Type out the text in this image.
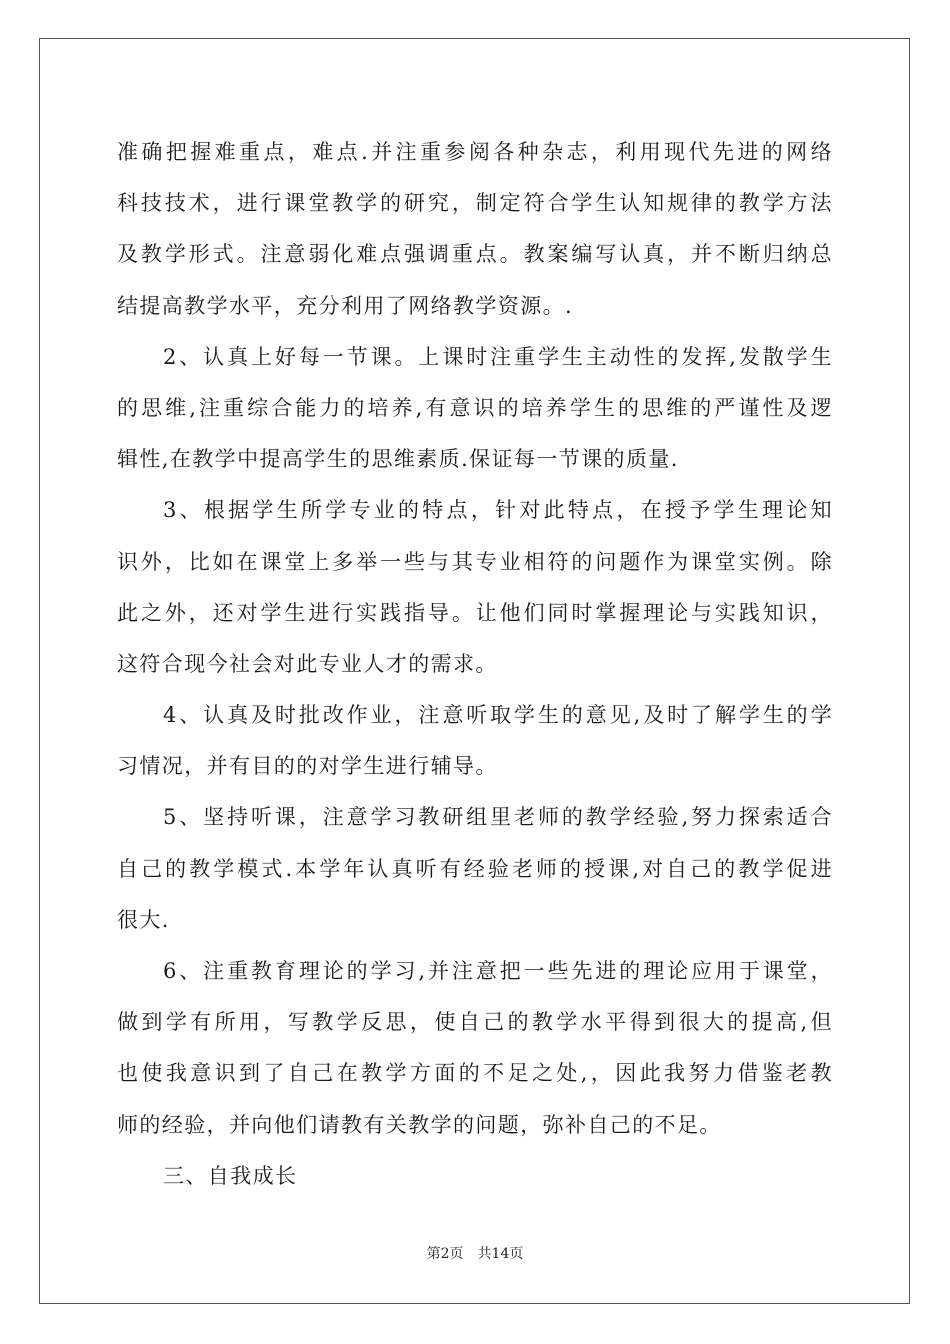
准确把握难重点，难点.并注重参阅各种杂志，利用现代先进的网络
科技技术，进行课堂教学的研究，制定符合学生认知规律的教学方法
及教学形式。注意弱化难点强调重点。教案编写认真，并不断归纳总
结提高教学水平，充分利用了网络教学资源。.
2、认真上好每一节课。上课时注重学生主动性的发挥,发散学生
的思维,注重综合能力的培养,有意识的培养学生的思维的严谨性及逻
辑性,在教学中提高学生的思维素质.保证每一节课的质量.
3、根据学生所学专业的特点，针对此特点，在授予学生理论知
识外，比如在课堂上多举一些与其专业相符的问题作为课堂实例。除
此之外，还对学生进行实践指导。让他们同时掌握理论与实践知识，
这符合现今社会对此专业人才的需求。
4、认真及时批改作业，注意听取学生的意见,及时了解学生的学
习情况，并有目的的对学生进行辅导。
5、坚持听课，注意学习教研组里老师的教学经验,努力探索适合
自己的教学模式.本学年认真听有经验老师的授课,对自己的教学促进
很大.
6、注重教育理论的学习,并注意把一些先进的理论应用于课堂，
做到学有所用，写教学反思，使自己的教学水平得到很大的提高,但
也使我意识到了自己在教学方面的不足之处,，因此我努力借鉴老教
师的经验，并向他们请教有关教学的问题，弥补自己的不足。
三、自我成长
第2页 共14页
